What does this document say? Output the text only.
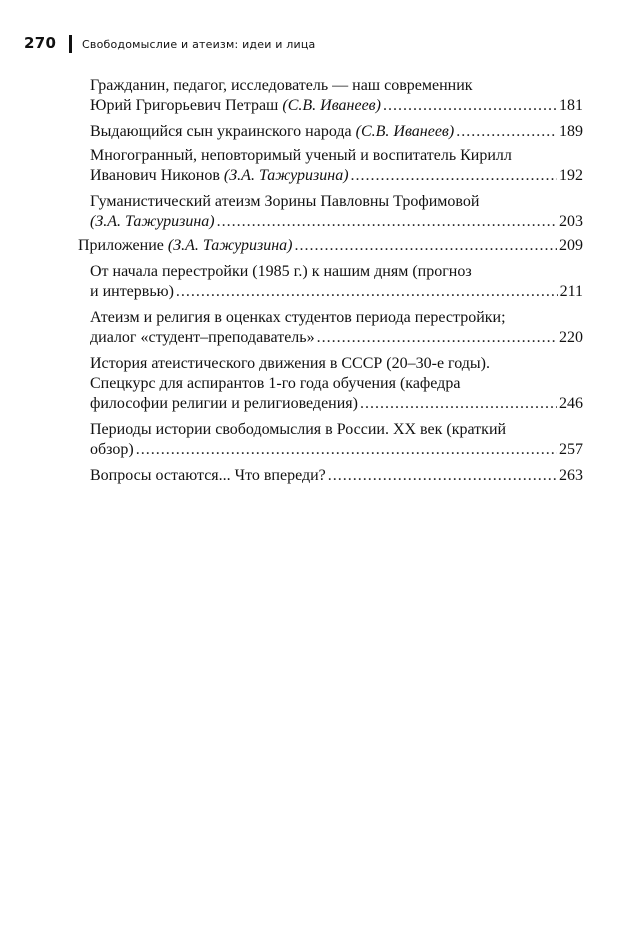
270 Свободомыслие и атеизм: идеи и лица
Гражданин, педагог, исследователь — наш современник
Юрий Григорьевич Петраш (С.В. Иванеев) .....	181
Выдающийся сын украинского народа (С.В. Иванеев) .....	189
Многогранный, неповторимый ученый и воспитатель Кирилл
Иванович Никонов (З.А. Тажуризина) .....	192
Гуманистический атеизм Зорины Павловны Трофимовой
(З.А. Тажуризина) .....	203
Приложение (З.А. Тажуризина) .....	209
От начала перестройки (1985 г.) к нашим дням (прогноз
и интервью) .....	211
Атеизм и религия в оценках студентов периода перестройки;
диалог «студент–преподаватель» .....	220
История атеистического движения в СССР (20–30-е годы).
Спецкурс для аспирантов 1-го года обучения (кафедра
философии религии и религиоведения) .....	246
Периоды истории свободомыслия в России. XX век (краткий
обзор) .....	257
Вопросы остаются... Что впереди? .....	263
